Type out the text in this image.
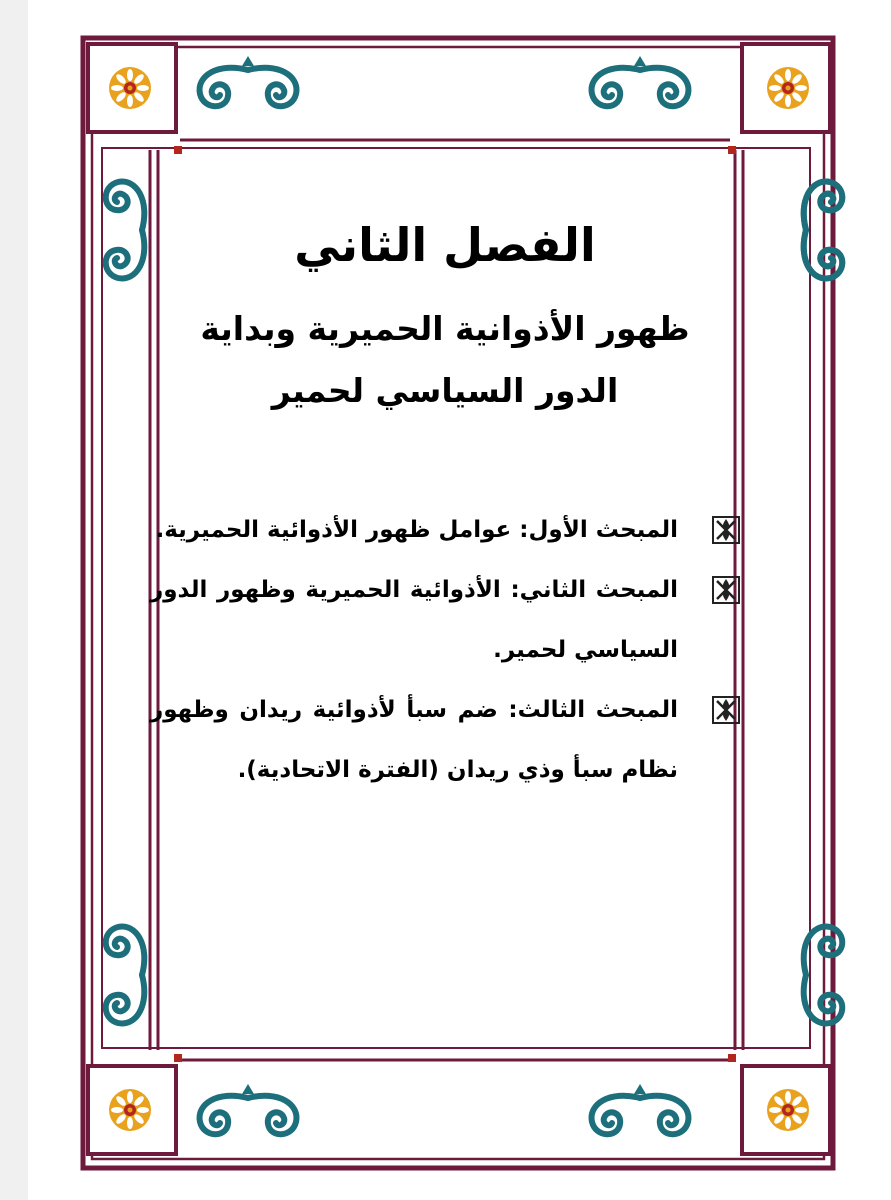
الفصل الثاني
ظهور الأذوانية الحميرية وبداية
الدور السياسي لحمير
المبحث الأول: عوامل ظهور الأذوائية الحميرية.
المبحث الثاني: الأذوائية الحميرية وظهور الدور السياسي لحمير.
المبحث الثالث: ضم سبأ لأذوائية ريدان وظهور نظام سبأ وذي ريدان (الفترة الاتحادية).
